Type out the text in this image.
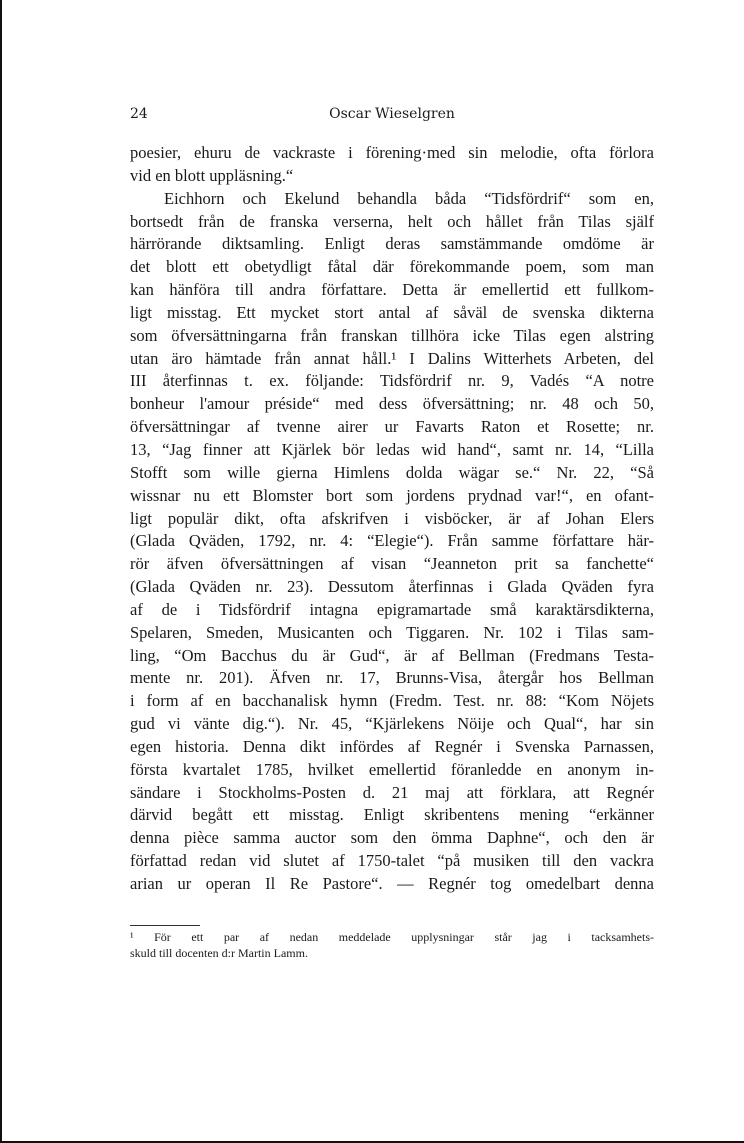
24	Oscar Wieselgren
poesier, ehuru de vackraste i förening·med sin melodie, ofta förlora
vid en blott uppläsning.“
Eichhorn och Ekelund behandla båda “Tidsfördrif“ som en,
bortsedt från de franska verserna, helt och hållet från Tilas själf
härrörande diktsamling. Enligt deras samstämmande omdöme är
det blott ett obetydligt fåtal där förekommande poem, som man
kan hänföra till andra författare. Detta är emellertid ett fullkom-
ligt misstag. Ett mycket stort antal af såväl de svenska dikterna
som öfversättningarna från franskan tillhöra icke Tilas egen alstring
utan äro hämtade från annat håll.¹ I Dalins Witterhets Arbeten, del
III återfinnas t. ex. följande: Tidsfördrif nr. 9, Vadés “A notre
bonheur l'amour préside“ med dess öfversättning; nr. 48 och 50,
öfversättningar af tvenne airer ur Favarts Raton et Rosette; nr.
13, “Jag finner att Kjärlek bör ledas wid hand“, samt nr. 14, “Lilla
Stofft som wille gierna Himlens dolda wägar se.“ Nr. 22, “Så
wissnar nu ett Blomster bort som jordens prydnad var!“, en ofant-
ligt populär dikt, ofta afskrifven i visböcker, är af Johan Elers
(Glada Qväden, 1792, nr. 4: “Elegie“). Från samme författare här-
rör äfven öfversättningen af visan “Jeanneton prit sa fanchette“
(Glada Qväden nr. 23). Dessutom återfinnas i Glada Qväden fyra
af de i Tidsfördrif intagna epigramartade små karaktärsdikterna,
Spelaren, Smeden, Musicanten och Tiggaren. Nr. 102 i Tilas sam-
ling, “Om Bacchus du är Gud“, är af Bellman (Fredmans Testa-
mente nr. 201). Äfven nr. 17, Brunns-Visa, återgår hos Bellman
i form af en bacchanalisk hymn (Fredm. Test. nr. 88: “Kom Nöjets
gud vi vänte dig.“). Nr. 45, “Kjärlekens Nöije och Qual“, har sin
egen historia. Denna dikt infördes af Regnér i Svenska Parnassen,
första kvartalet 1785, hvilket emellertid föranledde en anonym in-
sändare i Stockholms-Posten d. 21 maj att förklara, att Regnér
därvid begått ett misstag. Enligt skribentens mening “erkänner
denna pièce samma auctor som den ömma Daphne“, och den är
författad redan vid slutet af 1750-talet “på musiken till den vackra
arian ur operan Il Re Pastore“. — Regnér tog omedelbart denna
¹ För ett par af nedan meddelade upplysningar står jag i tacksamhets-
skuld till docenten d:r Martin Lamm.
